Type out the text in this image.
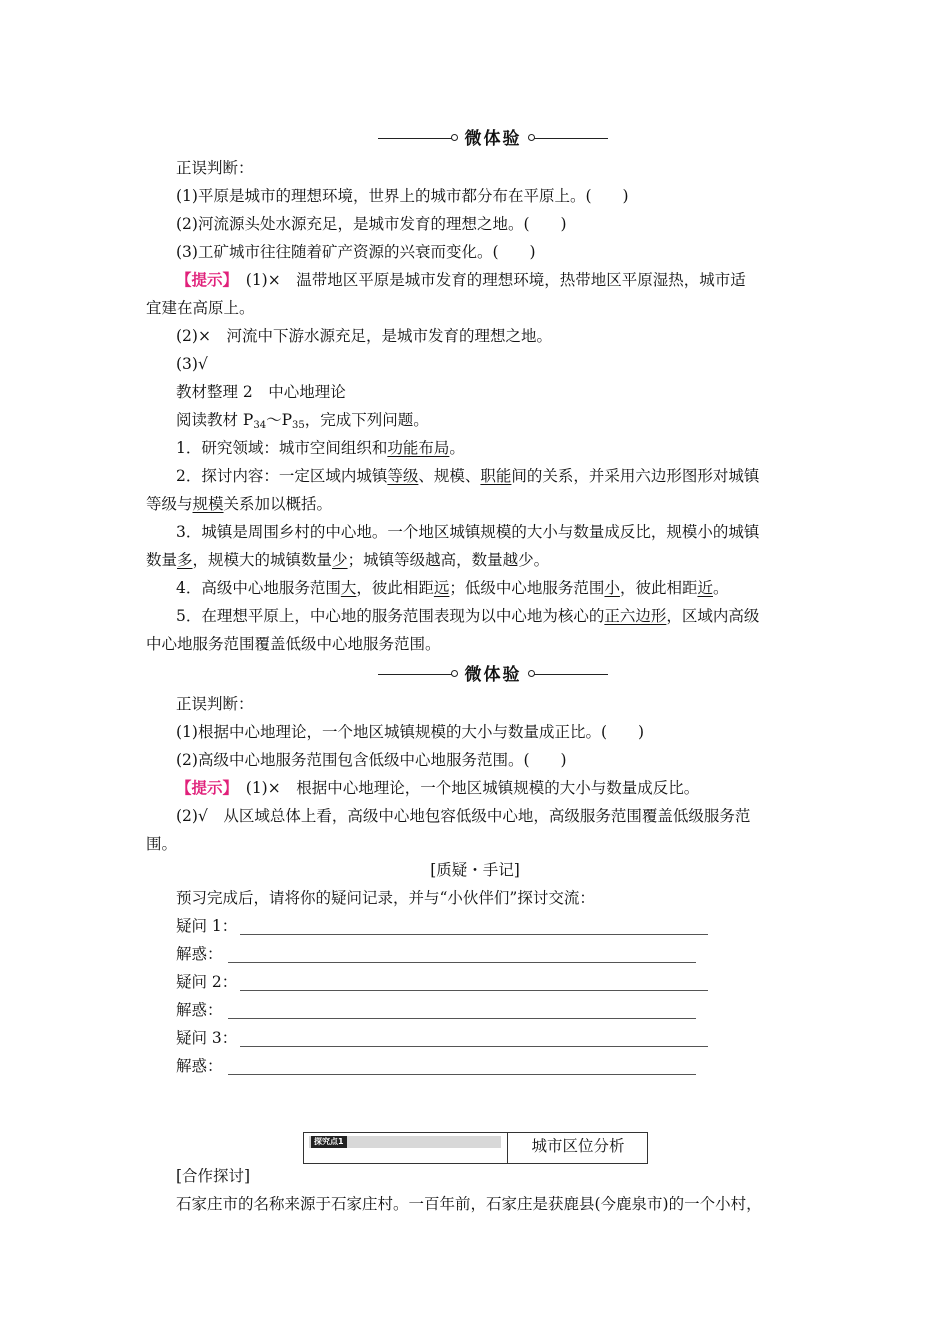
微体验
正误判断：
(1)平原是城市的理想环境，世界上的城市都分布在平原上。(　　)
(2)河流源头处水源充足，是城市发育的理想之地。(　　)
(3)工矿城市往往随着矿产资源的兴衰而变化。(　　)
【提示】　(1)×　温带地区平原是城市发育的理想环境，热带地区平原湿热，城市适
宜建在高原上。
(2)×　河流中下游水源充足，是城市发育的理想之地。
(3)√
教材整理 2　中心地理论
阅读教材 $P_{34}\sim P_{35}$，完成下列问题。
1．研究领域：城市空间组织和功能布局。
2．探讨内容：一定区域内城镇等级、规模、职能间的关系，并采用六边形图形对城镇
等级与规模关系加以概括。
3．城镇是周围乡村的中心地。一个地区城镇规模的大小与数量成反比，规模小的城镇
数量多，规模大的城镇数量少；城镇等级越高，数量越少。
4．高级中心地服务范围大，彼此相距远；低级中心地服务范围小，彼此相距近。
5．在理想平原上，中心地的服务范围表现为以中心地为核心的正六边形，区域内高级
中心地服务范围覆盖低级中心地服务范围。
微体验
正误判断：
(1)根据中心地理论，一个地区城镇规模的大小与数量成正比。(　　)
(2)高级中心地服务范围包含低级中心地服务范围。(　　)
【提示】　(1)×　根据中心地理论，一个地区城镇规模的大小与数量成反比。
(2)√　从区域总体上看，高级中心地包容低级中心地，高级服务范围覆盖低级服务范
围。
[质疑・手记]
预习完成后，请将你的疑问记录，并与“小伙伴们”探讨交流：
疑问 1：
解惑：
疑问 2：
解惑：
疑问 3：
解惑：
探究点1	城市区位分析
[合作探讨]
石家庄市的名称来源于石家庄村。一百年前，石家庄是获鹿县(今鹿泉市)的一个小村，
